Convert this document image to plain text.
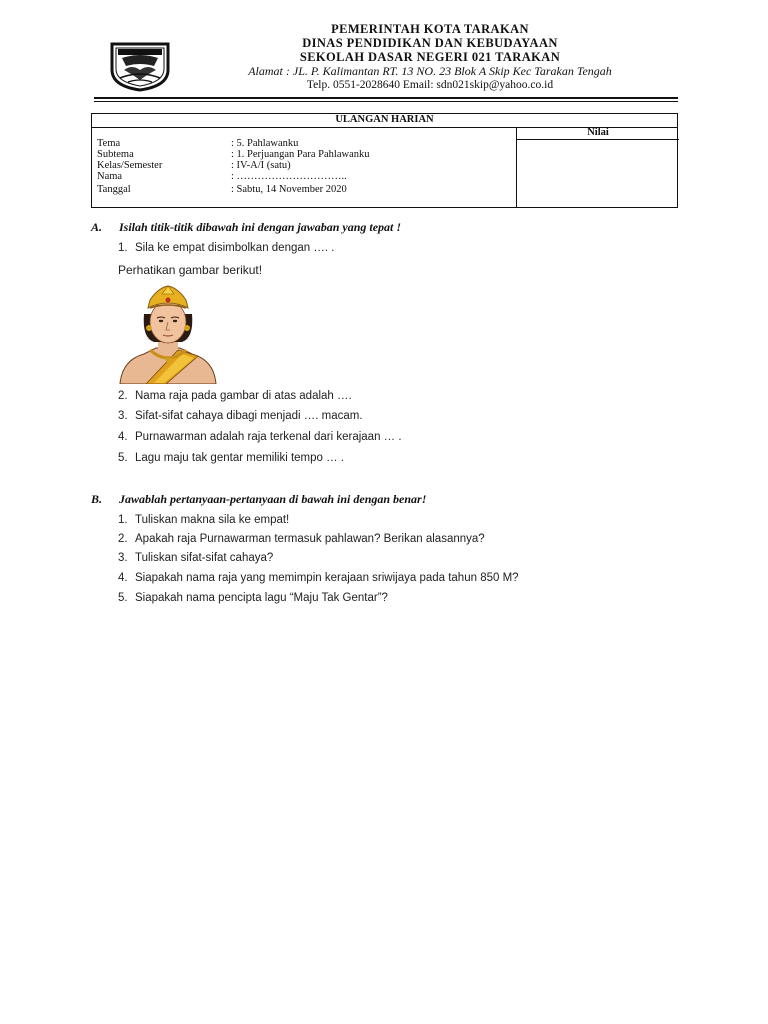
PEMERINTAH KOTA TARAKAN
DINAS PENDIDIKAN DAN KEBUDAYAAN
SEKOLAH DASAR NEGERI 021 TARAKAN
Alamat : JL. P. Kalimantan RT. 13 NO. 23 Blok A Skip Kec Tarakan Tengah
Telp. 0551-2028640 Email: sdn021skip@yahoo.co.id
ULANGAN HARIAN
Nilai
Tema	: 5. Pahlawanku
Subtema	: 1. Perjuangan Para Pahlawanku
Kelas/Semester	: IV-A/I (satu)
Nama	: …………………………..
Tanggal	: Sabtu, 14 November 2020
A. Isilah titik-titik dibawah ini dengan jawaban yang tepat !
1. Sila ke empat disimbolkan dengan …. .
Perhatikan gambar berikut!
2. Nama raja pada gambar di atas adalah ….
3. Sifat-sifat cahaya dibagi menjadi …. macam.
4. Purnawarman adalah raja terkenal dari kerajaan … .
5. Lagu maju tak gentar memiliki tempo … .
B. Jawablah pertanyaan-pertanyaan di bawah ini dengan benar!
1. Tuliskan makna sila ke empat!
2. Apakah raja Purnawarman termasuk pahlawan? Berikan alasannya?
3. Tuliskan sifat-sifat cahaya?
4. Siapakah nama raja yang memimpin kerajaan sriwijaya pada tahun 850 M?
5. Siapakah nama pencipta lagu “Maju Tak Gentar”?
